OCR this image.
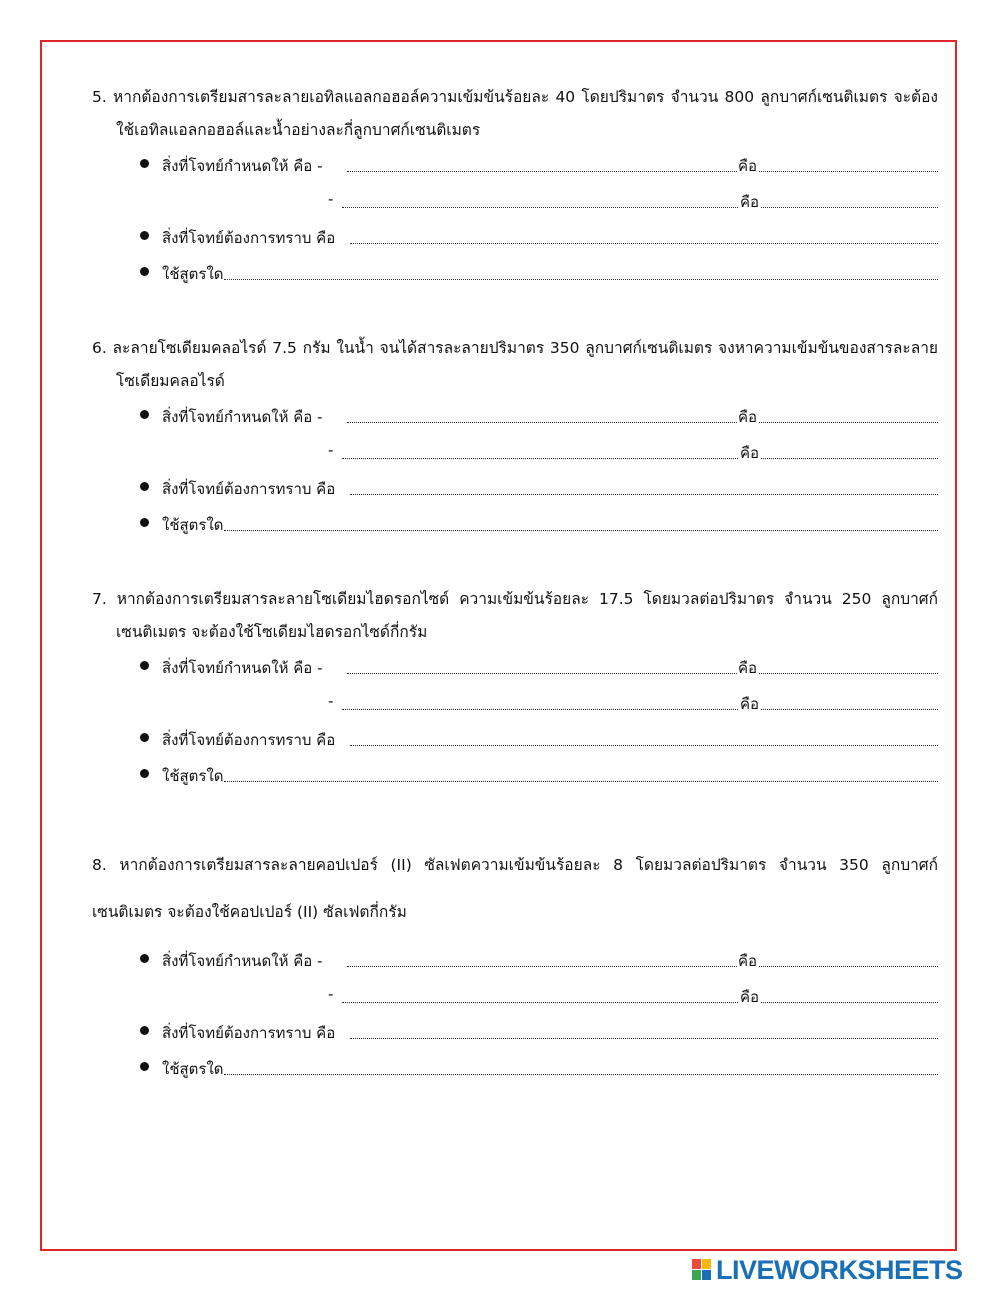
5. หากต้องการเตรียมสารละลายเอทิลแอลกอฮอล์ความเข้มข้นร้อยละ 40 โดยปริมาตร จำนวน 800 ลูกบาศก์เซนติเมตร จะต้องใช้เอทิลแอลกอฮอล์และน้ำอย่างละกี่ลูกบาศก์เซนติเมตร

สิ่งที่โจทย์กำหนดให้ คือ -	คือ
-	คือ
สิ่งที่โจทย์ต้องการทราบ คือ
ใช้สูตรใด

6. ละลายโซเดียมคลอไรด์ 7.5 กรัม ในน้ำ จนได้สารละลายปริมาตร 350 ลูกบาศก์เซนติเมตร จงหาความเข้มข้นของสารละลายโซเดียมคลอไรด์

สิ่งที่โจทย์กำหนดให้ คือ -	คือ
-	คือ
สิ่งที่โจทย์ต้องการทราบ คือ
ใช้สูตรใด

7. หากต้องการเตรียมสารละลายโซเดียมไฮดรอกไซด์ ความเข้มข้นร้อยละ 17.5 โดยมวลต่อปริมาตร จำนวน 250 ลูกบาศก์เซนติเมตร จะต้องใช้โซเดียมไฮดรอกไซด์กี่กรัม

สิ่งที่โจทย์กำหนดให้ คือ -	คือ
-	คือ
สิ่งที่โจทย์ต้องการทราบ คือ
ใช้สูตรใด

8. หากต้องการเตรียมสารละลายคอปเปอร์ (II) ซัลเฟตความเข้มข้นร้อยละ 8 โดยมวลต่อปริมาตร จำนวน 350 ลูกบาศก์เซนติเมตร จะต้องใช้คอปเปอร์ (II) ซัลเฟตกี่กรัม

สิ่งที่โจทย์กำหนดให้ คือ -	คือ
-	คือ
สิ่งที่โจทย์ต้องการทราบ คือ
ใช้สูตรใด
LIVEWORKSHEETS
